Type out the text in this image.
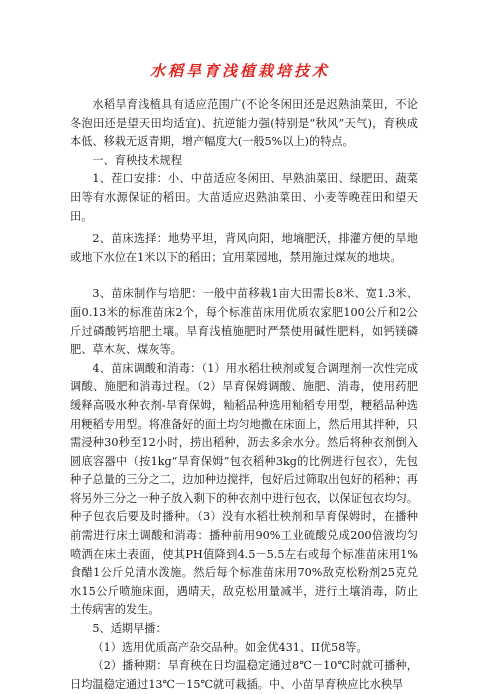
水稻旱育浅植栽培技术

水稻旱育浅植具有适应范围广(不论冬闲田还是迟熟油菜田，不论冬泡田还是望天田均适宜)、抗逆能力强(特别是“秋风”天气)，育秧成本低、移栽无返青期，增产幅度大(一般5%以上)的特点。

一、育秧技术规程

1、茬口安排：小、中苗适应冬闲田、早熟油菜田、绿肥田、蔬菜田等有水源保证的稻田。大苗适应迟熟油菜田、小麦等晚茬田和望天田。

2、苗床选择：地势平坦，背风向阳，地墒肥沃，排灌方便的旱地或地下水位在1米以下的稻田；宜用菜园地，禁用施过煤灰的地块。

3、苗床制作与培肥：一般中苗移栽1亩大田需长8米、宽1.3米、面0.13米的标准苗床2个，每个标准苗床用优质农家肥100公斤和2公斤过磷酸钙培肥土壤。旱育浅植施肥时严禁使用碱性肥料，如钙镁磷肥、草木灰、煤灰等。

4、苗床调酸和消毒：（1）用水稻壮秧剂或复合调理剂一次性完成调酸、施肥和消毒过程。（2）旱育保姆调酸、施肥、消毒，使用药肥缓释高吸水种衣剂-旱育保姆，籼稻品种选用籼稻专用型，粳稻品种选用粳稻专用型。将准备好的面土均匀地撒在床面上，然后用其拌种，只需浸种30秒至12小时，捞出稻种，沥去多余水分。然后将种衣剂倒入圆底容器中（按1kg“旱育保姆”包衣稻种3kg的比例进行包衣），先包种子总量的三分之二，边加种边搅拌，包好后过筛取出包好的稻种；再将另外三分之一种子放入剩下的种衣剂中进行包衣，以保证包衣均匀。种子包衣后要及时播种。（3）没有水稻壮秧剂和旱育保姆时，在播种前需进行床土调酸和消毒：播种前用90%工业硫酸兑成200倍液均匀喷洒在床土表面，使其PH值降到4.5－5.5左右或每个标准苗床用1%食醋1公斤兑清水泼施。然后每个标准苗床用70%敌克松粉剂25克兑水15公斤喷施床面，遇晴天，敌克松用量减半，进行土壤消毒，防止土传病害的发生。

5、适期早播：

（1）选用优质高产杂交品种。如金优431、II优58等。

（2）播种期：旱育秧在日均温稳定通过8℃－10℃时就可播种，日均温稳定通过13℃－15℃就可栽插。中、小苗旱育秧应比水秧旱
